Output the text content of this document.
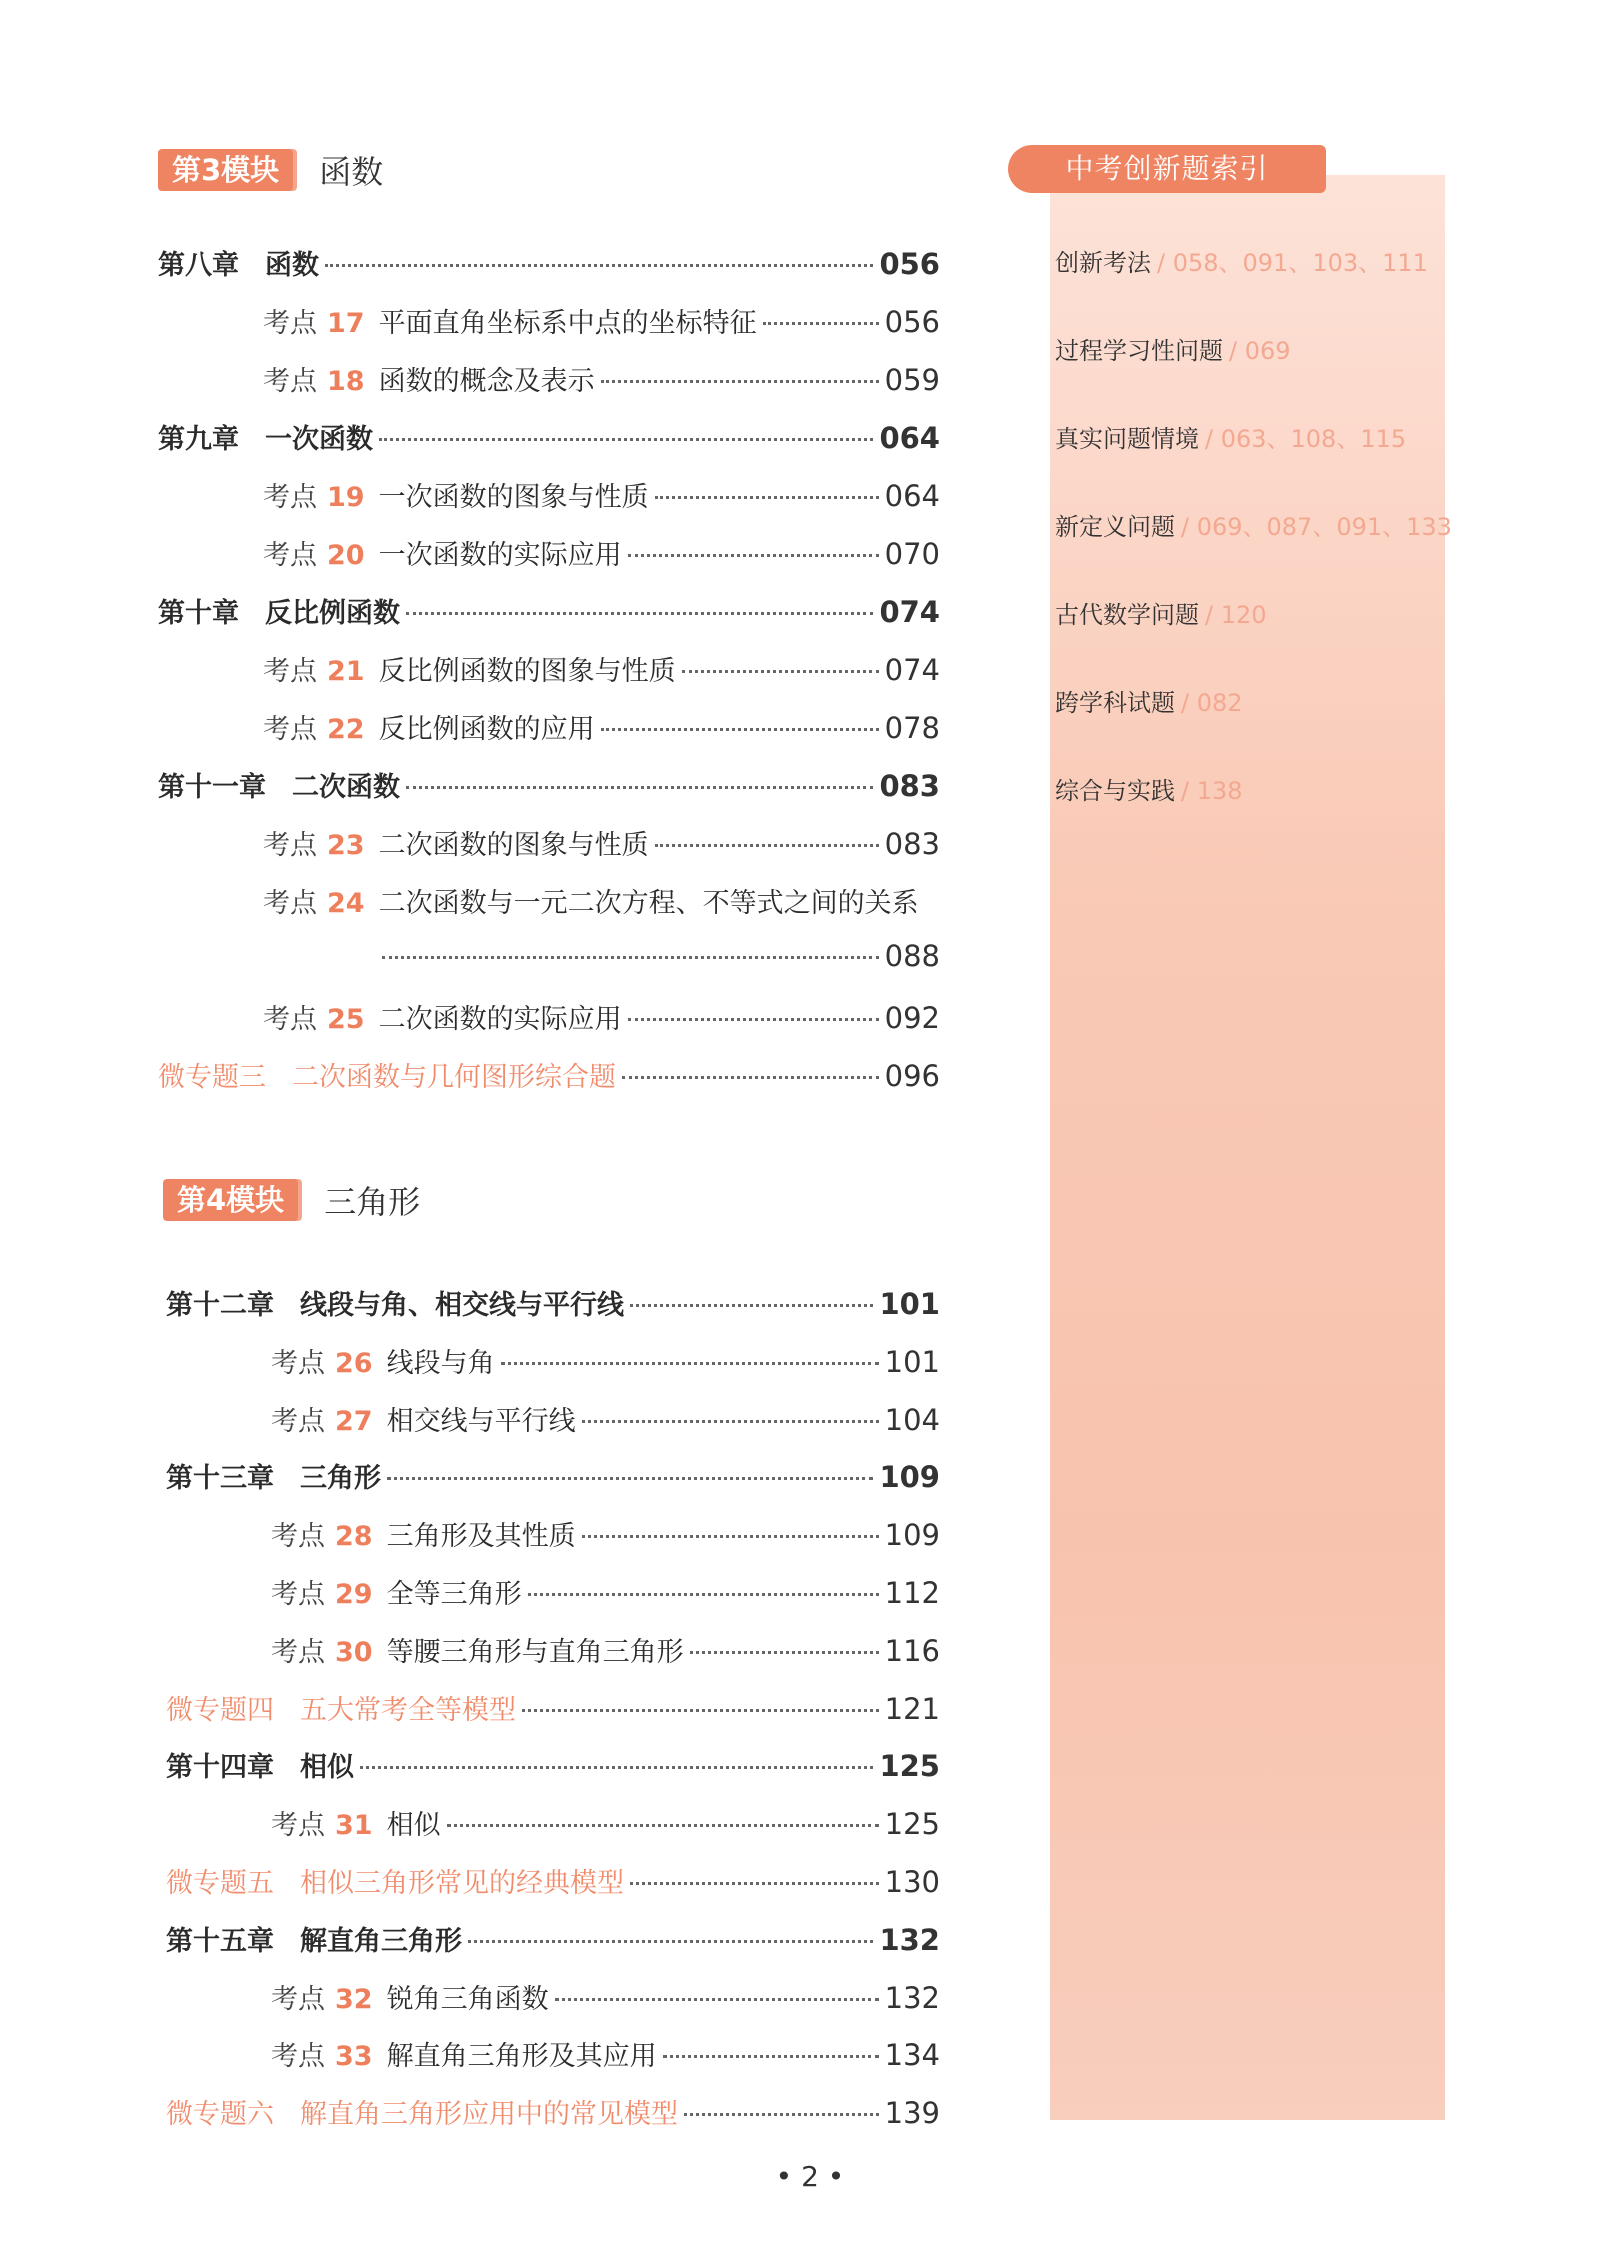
第3模块	函数
第八章 函数	056
考点 17 平面直角坐标系中点的坐标特征	056
考点 18 函数的概念及表示	059
第九章 一次函数	064
考点 19 一次函数的图象与性质	064
考点 20 一次函数的实际应用	070
第十章 反比例函数	074
考点 21 反比例函数的图象与性质	074
考点 22 反比例函数的应用	078
第十一章 二次函数	083
考点 23 二次函数的图象与性质	083
考点 24 二次函数与一元二次方程、不等式之间的关系
088
考点 25 二次函数的实际应用	092
微专题三 二次函数与几何图形综合题	096
第4模块	三角形
第十二章 线段与角、相交线与平行线	101
考点 26 线段与角	101
考点 27 相交线与平行线	104
第十三章 三角形	109
考点 28 三角形及其性质	109
考点 29 全等三角形	112
考点 30 等腰三角形与直角三角形	116
微专题四 五大常考全等模型	121
第十四章 相似	125
考点 31 相似	125
微专题五 相似三角形常见的经典模型	130
第十五章 解直角三角形	132
考点 32 锐角三角函数	132
考点 33 解直角三角形及其应用	134
微专题六 解直角三角形应用中的常见模型	139
中考创新题索引
创新考法 / 058、091、103、111
过程学习性问题 / 069
真实问题情境 / 063、108、115
新定义问题 / 069、087、091、133
古代数学问题 / 120
跨学科试题 / 082
综合与实践 / 138
• 2 •
